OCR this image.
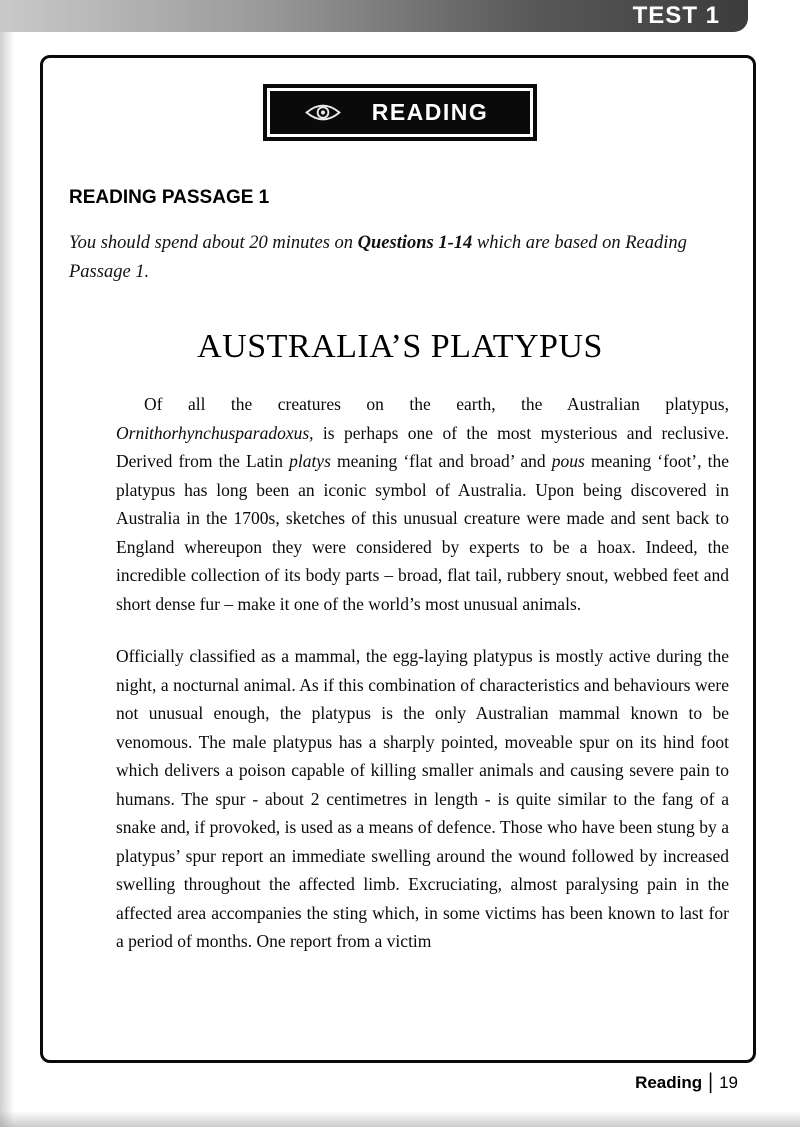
TEST 1
READING
READING PASSAGE 1

You should spend about 20 minutes on Questions 1-14 which are based on Reading Passage 1.

AUSTRALIA’S PLATYPUS

Of all the creatures on the earth, the Australian platypus, Ornithorhynchusparadoxus, is perhaps one of the most mysterious and reclusive. Derived from the Latin platys meaning ‘flat and broad’ and pous meaning ‘foot’, the platypus has long been an iconic symbol of Australia. Upon being discovered in Australia in the 1700s, sketches of this unusual creature were made and sent back to England whereupon they were considered by experts to be a hoax. Indeed, the incredible collection of its body parts – broad, flat tail, rubbery snout, webbed feet and short dense fur – make it one of the world’s most unusual animals.

Officially classified as a mammal, the egg-laying platypus is mostly active during the night, a nocturnal animal. As if this combination of characteristics and behaviours were not unusual enough, the platypus is the only Australian mammal known to be venomous. The male platypus has a sharply pointed, moveable spur on its hind foot which delivers a poison capable of killing smaller animals and causing severe pain to humans. The spur - about 2 centimetres in length - is quite similar to the fang of a snake and, if provoked, is used as a means of defence. Those who have been stung by a platypus’ spur report an immediate swelling around the wound followed by increased swelling throughout the affected limb. Excruciating, almost paralysing pain in the affected area accompanies the sting which, in some victims has been known to last for a period of months. One report from a victim

Reading | 19
